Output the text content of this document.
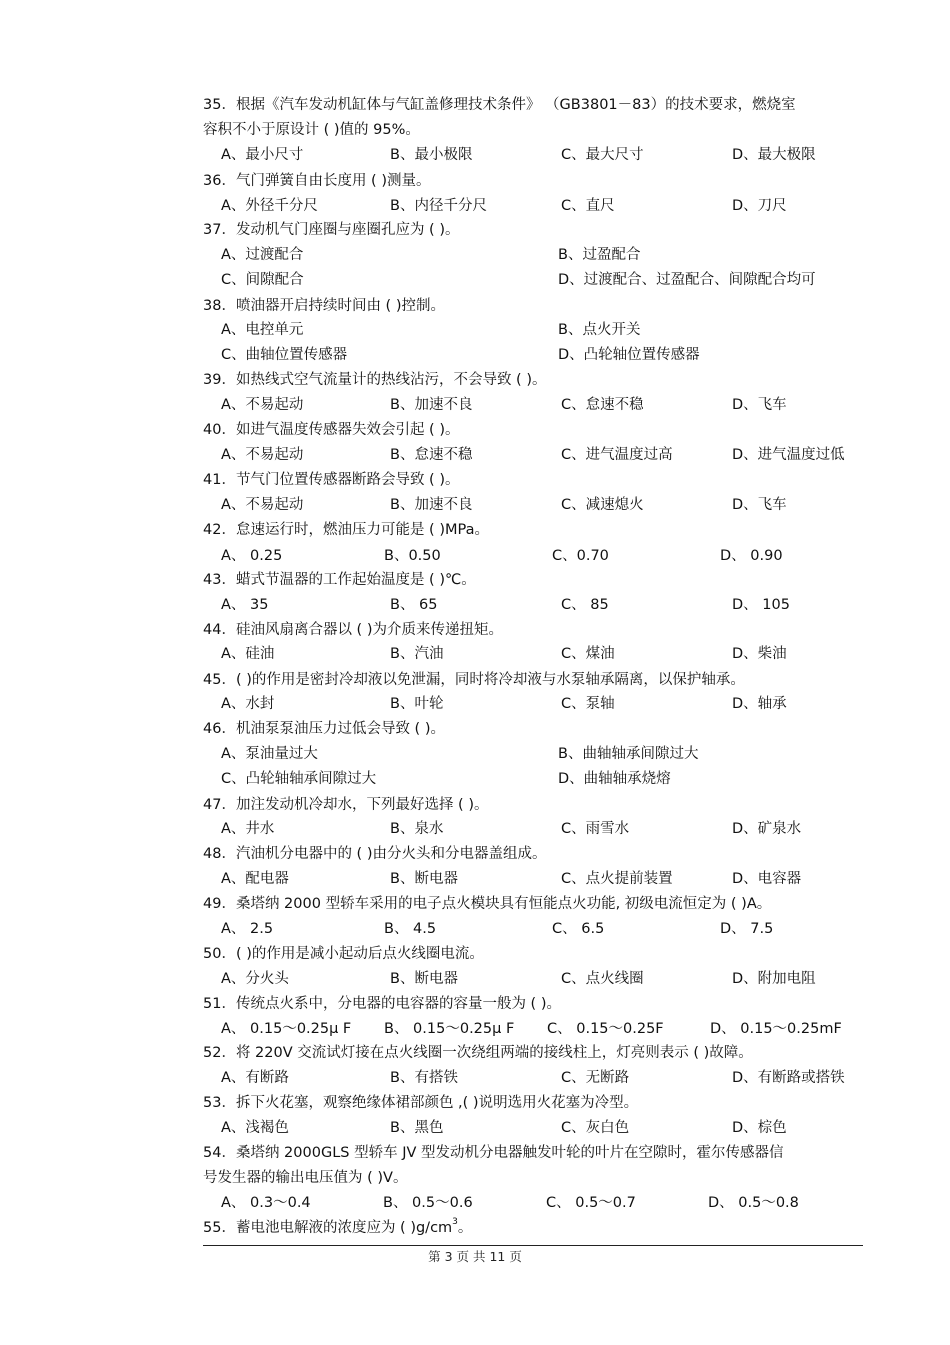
35．根据《汽车发动机缸体与气缸盖修理技术条件》 （GB3801－83）的技术要求，燃烧室
容积不小于原设计 ( )值的 95%。
A、最小尺寸	B、最小极限	C、最大尺寸	D、最大极限
36．气门弹簧自由长度用 ( )测量。
A、外径千分尺	B、内径千分尺	C、直尺	D、刀尺
37．发动机气门座圈与座圈孔应为 ( )。
A、过渡配合	B、过盈配合
C、间隙配合	D、过渡配合、过盈配合、间隙配合均可
38．喷油器开启持续时间由 ( )控制。
A、电控单元	B、点火开关
C、曲轴位置传感器	D、凸轮轴位置传感器
39．如热线式空气流量计的热线沾污，不会导致 ( )。
A、不易起动	B、加速不良	C、怠速不稳	D、飞车
40．如进气温度传感器失效会引起 ( )。
A、不易起动	B、怠速不稳	C、进气温度过高	D、进气温度过低
41．节气门位置传感器断路会导致 ( )。
A、不易起动	B、加速不良	C、减速熄火	D、飞车
42．怠速运行时，燃油压力可能是 ( )MPa。
A、 0.25	B、0.50	C、0.70	D、 0.90
43．蜡式节温器的工作起始温度是 ( )℃。
A、 35	B、 65	C、 85	D、 105
44．硅油风扇离合器以 ( )为介质来传递扭矩。
A、硅油	B、汽油	C、煤油	D、柴油
45．( )的作用是密封冷却液以免泄漏，同时将冷却液与水泵轴承隔离，以保护轴承。
A、水封	B、叶轮	C、泵轴	D、轴承
46．机油泵泵油压力过低会导致 ( )。
A、泵油量过大	B、曲轴轴承间隙过大
C、凸轮轴轴承间隙过大	D、曲轴轴承烧熔
47．加注发动机冷却水，下列最好选择 ( )。
A、井水	B、泉水	C、雨雪水	D、矿泉水
48．汽油机分电器中的 ( )由分火头和分电器盖组成。
A、配电器	B、断电器	C、点火提前装置	D、电容器
49．桑塔纳 2000 型轿车采用的电子点火模块具有恒能点火功能, 初级电流恒定为 ( )A。
A、 2.5	B、 4.5	C、 6.5	D、 7.5
50．( )的作用是减小起动后点火线圈电流。
A、分火头	B、断电器	C、点火线圈	D、附加电阻
51．传统点火系中，分电器的电容器的容量一般为 ( )。
A、 0.15～0.25μ F B、 0.15～0.25μ F C、 0.15～0.25F	D、 0.15～0.25mF
52．将 220V 交流试灯接在点火线圈一次绕组两端的接线柱上，灯亮则表示 ( )故障。
A、有断路	B、有搭铁	C、无断路	D、有断路或搭铁
53．拆下火花塞，观察绝缘体裙部颜色 ,( )说明选用火花塞为冷型。
A、浅褐色	B、黑色	C、灰白色	D、棕色
54．桑塔纳 2000GLS 型轿车 JV 型发动机分电器触发叶轮的叶片在空隙时，霍尔传感器信
号发生器的输出电压值为 ( )V。
A、 0.3～0.4	B、 0.5～0.6	C、 0.5～0.7	D、 0.5～0.8
55．蓄电池电解液的浓度应为 ( )$g/cm^3$。
第 3 页 共 11 页
